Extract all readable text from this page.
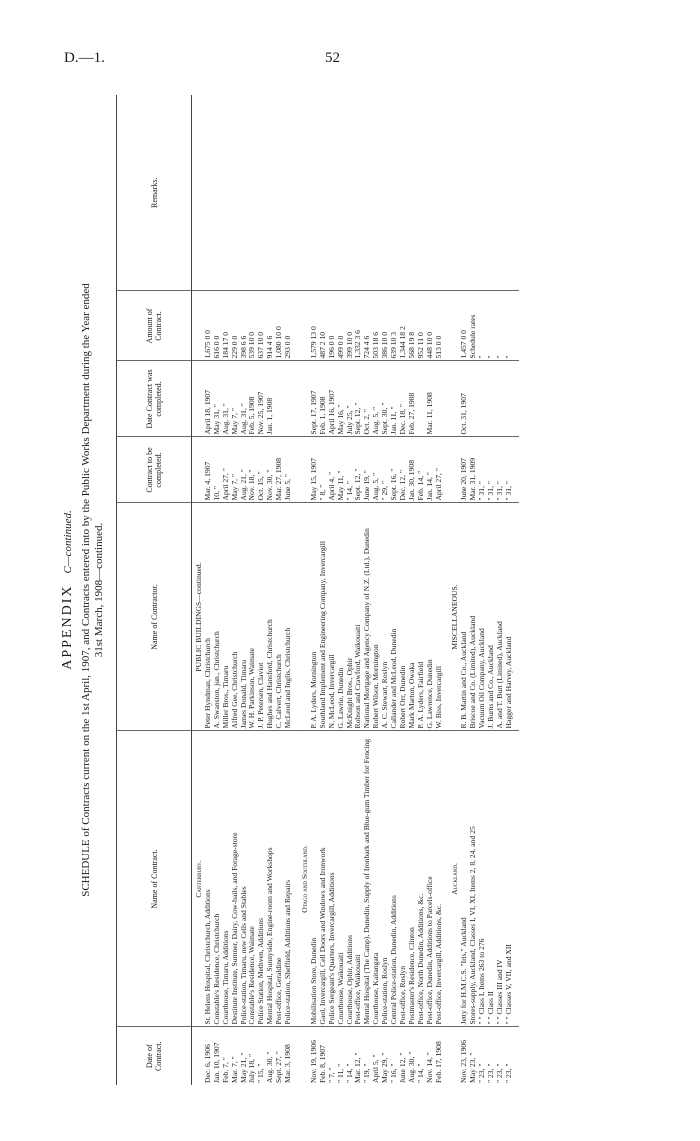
D.—1.	52
APPENDIX  C—continued. SCHEDULE of Contracts current on the 1st April, 1907, and Contracts entered into by the Public Works Department during the Year ended 31st March, 1908—continued.
Date of Contract.	Name of Contract.	Name of Contractor.	Contract to be completed.	Date Contract was completed.	Amount of Contract.	Remarks.
	Canterbury.	PUBLIC BUILDINGS—continued.				
Dec. 6, 1906	St. Helens Hospital, Christchurch, Additions	Peter Hyndman, Christchurch	Mar. 4, 1907	April 18, 1907	1,675 0 0	
Jan. 10, 1907	Constable's Residence, Christchurch	A. Swanston, jun., Christchurch	10, "	May 31, "	616 0 0	
Feb. 7, "	Courthouse, Timaru, Additions	Miller Bros., Timaru	April 27, "	Aug. 31, "	184 17 0	
Mar. 7, "	Destitute Institute, Sumner, Dairy, Cow-bails, and Forage-store	Alfred Gee, Christchurch	May 7, "	May 7, "	229 0 0	
May 21, "	Police-station, Timaru, new Cells and Stables	James Donald, Timaru	Aug. 21, "	Aug. 31, "	398 6 6	
July 18, "	Constable's Residence, Waimate	W. H. Parkinson, Waimate	Nov. 18, "	Feb. 5, 1908	539 10 0	
" 15, "	Police Station, Methven, Additions	J. P. Petersen, Claviot	Oct. 15, "	Nov. 25, 1907	637 10 0	
Aug. 30, "	Mental Hospital, Sunnyside, Engine-room and Workshops	Hughes and Hansford, Christchurch	Nov. 30, "	Jan. 1, 1908	914 4 6	
Sept. 27, "	Post-office, Geraldine	C. Calvert, Christchurch	Mar. 27, 1908		1,080 10 0	
Mar. 3, 1908	Police-station, Sheffield, Additions and Repairs	McLeod and Inglis, Christchurch	June 5, "		293 0 0	

	Otago and Southland.					
Nov. 19, 1906	Mobilisation Store, Dunedin	P. A. Lyders, Mornington	May 15, 1907	Sept. 17, 1907	1,579 13 0	
Feb. 8, 1907	Gaol, Invercargill, Cell Doors and Windows and Ironwork	Southland Implement and Engineering Company, Invercargill	" 8, "	Feb. 1, 1908	487 2 10	
" 7, "	Police Sergeant's Quarters, Invercargill, Additions	N. McLeod, Invercargill	April 4, "	April 16, 1907	196 0 0	
" 11, "	Courthouse, Waikouaiti	G. Lawrie, Dunedin	May 11, "	May 16, "	499 0 0	
" 14, "	Courthouse, Ophir, Additions	McKnight Bros., Ophir	" 14, "	July 25, "	399 10 0	
Mar. 12, "	Post-office, Waikouaiti	Robson and Crawford, Waikouaiti	Sept. 12, "	Sept. 12, "	1,332 3 6	
" 19, "	Mental Hospital (The Camp), Dunedin, Supply of Ironbark and Blue-gum Timber for Fencing	National Mortgage and Agency Company of N.Z. (Ltd.), Dunedin	June 19, "	Oct. 2, "	724 4 6	
April 5, "	Courthouse, Kaitangata	Robert Wilson, Mornington	Aug. 5, "	Aug. 5, "	503 18 6	
May 29, "	Police-station, Roslyn	A. C. Stewart, Roslyn	" 29, "	Sept. 30, "	386 10 0	
" 16, "	Central Police-station, Dunedin, Additions	Callander and McLeod, Dunedin	Sept. 16, "	Jan. 11, "	639 10 3	
June 12, "	Post-office, Roslyn	Robert Orr, Dunedin	Dec. 12, "	Dec. 18, "	1,344 18 2	
Aug. 30, "	Postmaster's Residence, Clinton	Mark Marton, Owaka	Jan. 30, 1908	Feb. 27, 1908	568 19 8	
" 14, "	Post-office, North Dunedin, Additions, &c.	P. A. Lyders, Fairfield	Feb. 14, "		952 11 0	
Nov. 14, "	Post-office, Dunedin, Additions to Parcels-office	G. Lawrence, Dunedin	Jan. 14, "	Mar. 11, 1908	448 10 0	
Feb. 17, 1908	Post-office, Invercargill, Additions, &c.	W. Biss, Invercargill	April 27, "		513 0 0	

	Auckland.	MISCELLANEOUS.				
Nov. 23, 1906	Jetty for H.M.C.S. "Iris," Auckland	R. B. Martin and Co., Auckland	June 20, 1907	Oct. 31, 1907	1,457 0 0	
May 23, "	Stores-supply, Auckland, Classes I, VI, XI, Items 2, 8, 24, and 25	Briscoe and Co. (Limited), Auckland	Mar. 31, 1909		Schedule rates	
" 23, "	" " Class I, Items 263 to 276	Vacuum Oil Company, Auckland	" 31, "		"	
" 23, "	" " Class II	J. Burns and Co., Auckland	" 31, "		"	
" 23, "	" " Classes III and IV	A. and T. Burt (Limited), Auckland	" 31, "		"	
" 23, "	" " Classes V, VII, and XII	Hagger and Harvey, Auckland	" 31, "		"	
